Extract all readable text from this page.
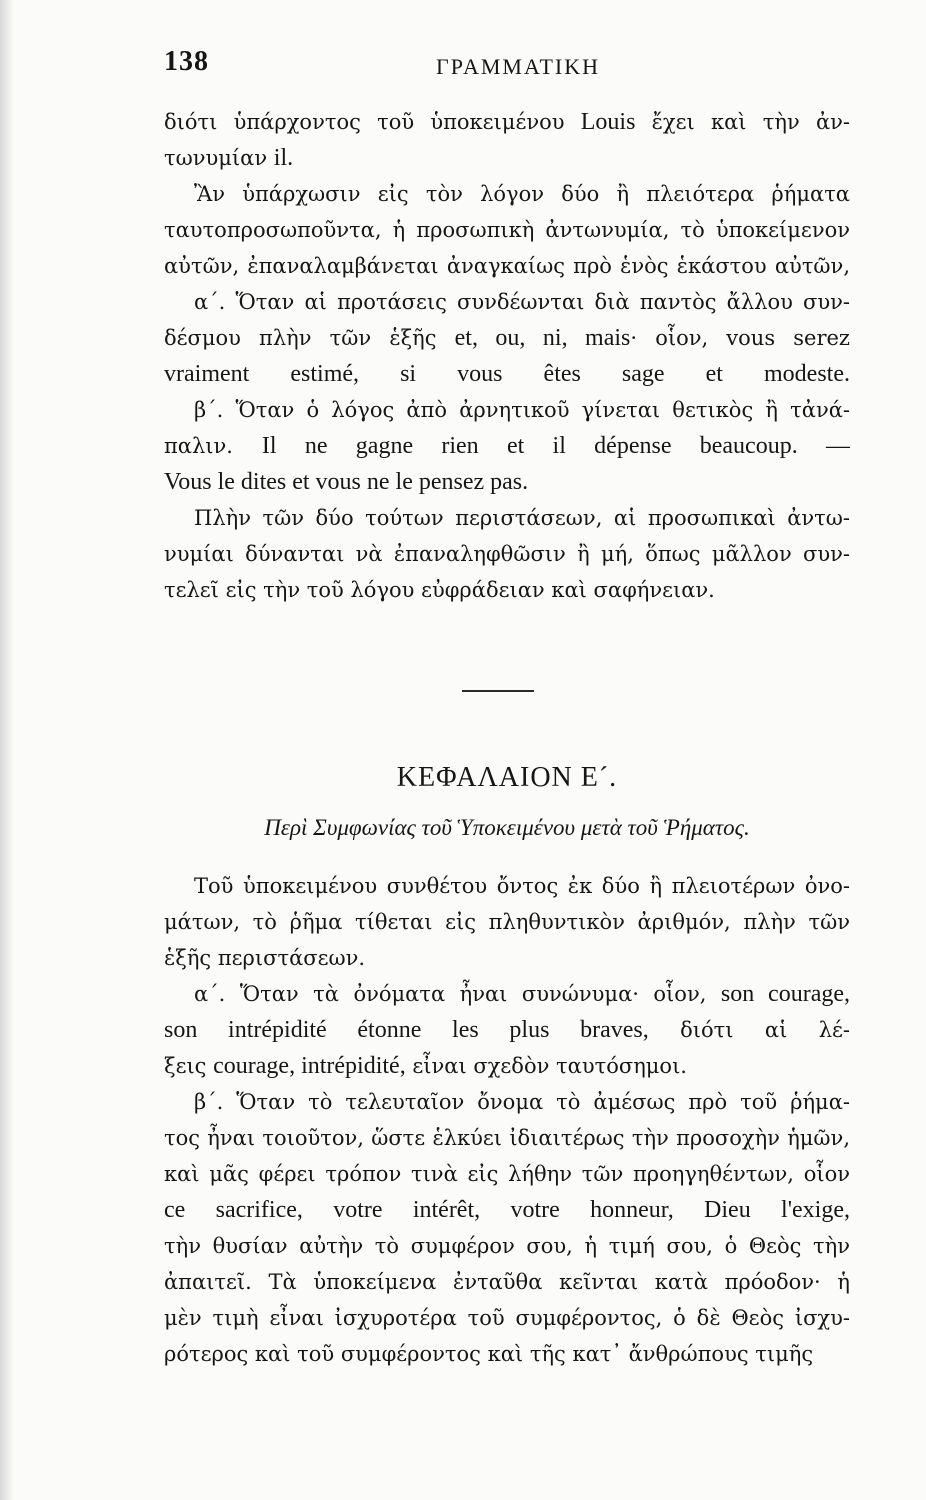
138	ΓΡΑΜΜΑΤΙΚΗ
διότι ὑπάρχοντος τοῦ ὑποκειμένου Louis ἔχει καὶ τὴν ἀν-
τωνυμίαν il.
Ἂν ὑπάρχωσιν εἰς τὸν λόγον δύο ἢ πλειότερα ῥήματα
ταυτοπροσωποῦντα, ἡ προσωπικὴ ἀντωνυμία, τὸ ὑποκείμενον
αὐτῶν, ἐπαναλαμβάνεται ἀναγκαίως πρὸ ἑνὸς ἑκάστου αὐτῶν,
α´. Ὅταν αἱ προτάσεις συνδέωνται διὰ παντὸς ἄλλου συν-
δέσμου πλὴν τῶν ἑξῆς et, ou, ni, mais· οἷον, vous serez
vraiment estimé, si vous êtes sage et modeste.
β´. Ὅταν ὁ λόγος ἀπὸ ἀρνητικοῦ γίνεται θετικὸς ἢ τἀνά-
παλιν. Il ne gagne rien et il dépense beaucoup. —
Vous le dites et vous ne le pensez pas.
Πλὴν τῶν δύο τούτων περιστάσεων, αἱ προσωπικαὶ ἀντω-
νυμίαι δύνανται νὰ ἐπαναληφθῶσιν ἢ μή, ὅπως μᾶλλον συν-
τελεῖ εἰς τὴν τοῦ λόγου εὐφράδειαν καὶ σαφήνειαν.
ΚΕΦΑΛΑΙΟΝ Ε´.
Περὶ Συμφωνίας τοῦ Ὑποκειμένου μετὰ τοῦ Ῥήματος.
Τοῦ ὑποκειμένου συνθέτου ὄντος ἐκ δύο ἢ πλειοτέρων ὀνο-
μάτων, τὸ ῥῆμα τίθεται εἰς πληθυντικὸν ἀριθμόν, πλὴν τῶν
ἑξῆς περιστάσεων.
α´. Ὅταν τὰ ὀνόματα ἦναι συνώνυμα· οἷον, son courage,
son intrépidité étonne les plus braves, διότι αἱ λέ-
ξεις courage, intrépidité, εἶναι σχεδὸν ταυτόσημοι.
β´. Ὅταν τὸ τελευταῖον ὄνομα τὸ ἀμέσως πρὸ τοῦ ῥήμα-
τος ἦναι τοιοῦτον, ὥστε ἑλκύει ἰδιαιτέρως τὴν προσοχὴν ἡμῶν,
καὶ μᾶς φέρει τρόπον τινὰ εἰς λήθην τῶν προηγηθέντων, οἷον
ce sacrifice, votre intérêt, votre honneur, Dieu l'exige,
τὴν θυσίαν αὐτὴν τὸ συμφέρον σου, ἡ τιμή σου, ὁ Θεὸς τὴν
ἀπαιτεῖ. Τὰ ὑποκείμενα ἐνταῦθα κεῖνται κατὰ πρόοδον· ἡ
μὲν τιμὴ εἶναι ἰσχυροτέρα τοῦ συμφέροντος, ὁ δὲ Θεὸς ἰσχυ-
ρότερος καὶ τοῦ συμφέροντος καὶ τῆς κατ᾽ ἄνθρώπους τιμῆς
